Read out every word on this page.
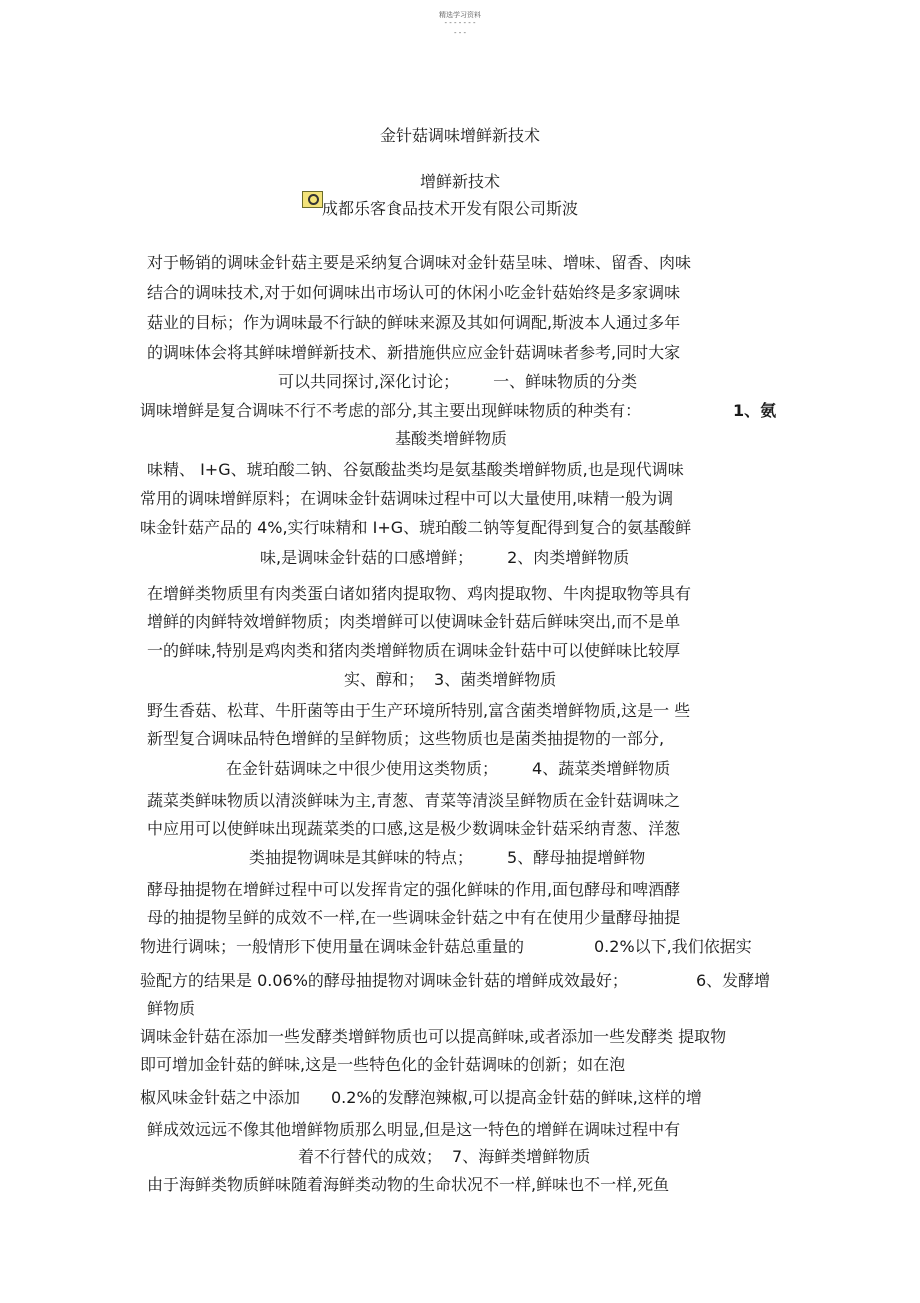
精选学习资料
- - - - - - -
- - -
金针菇调味增鲜新技术
增鲜新技术
成都乐客食品技术开发有限公司斯波
对于畅销的调味金针菇主要是采纳复合调味对金针菇呈味、增味、留香、肉味
结合的调味技术,对于如何调味出市场认可的休闲小吃金针菇始终是多家调味
菇业的目标；作为调味最不行缺的鲜味来源及其如何调配,斯波本人通过多年
的调味体会将其鲜味增鲜新技术、新措施供应应金针菇调味者参考,同时大家
可以共同探讨,深化讨论； 一、鲜味物质的分类
调味增鲜是复合调味不行不考虑的部分,其主要出现鲜味物质的种类有：	1、氨
基酸类增鲜物质
味精、 I+G、琥珀酸二钠、谷氨酸盐类均是氨基酸类增鲜物质,也是现代调味
常用的调味增鲜原料；在调味金针菇调味过程中可以大量使用,味精一般为调
味金针菇产品的 4%,实行味精和 I+G、琥珀酸二钠等复配得到复合的氨基酸鲜
味,是调味金针菇的口感增鲜； 2、肉类增鲜物质
在增鲜类物质里有肉类蛋白诸如猪肉提取物、鸡肉提取物、牛肉提取物等具有
增鲜的肉鲜特效增鲜物质；肉类增鲜可以使调味金针菇后鲜味突出,而不是单
一的鲜味,特别是鸡肉类和猪肉类增鲜物质在调味金针菇中可以使鲜味比较厚
实、醇和； 3、菌类增鲜物质
野生香菇、松茸、牛肝菌等由于生产环境所特别,富含菌类增鲜物质,这是一 些
新型复合调味品特色增鲜的呈鲜物质；这些物质也是菌类抽提物的一部分,
在金针菇调味之中很少使用这类物质； 4、蔬菜类增鲜物质
蔬菜类鲜味物质以清淡鲜味为主,青葱、青菜等清淡呈鲜物质在金针菇调味之
中应用可以使鲜味出现蔬菜类的口感,这是极少数调味金针菇采纳青葱、洋葱
类抽提物调味是其鲜味的特点； 5、酵母抽提增鲜物
酵母抽提物在增鲜过程中可以发挥肯定的强化鲜味的作用,面包酵母和啤酒酵
母的抽提物呈鲜的成效不一样,在一些调味金针菇之中有在使用少量酵母抽提
物进行调味；一般情形下使用量在调味金针菇总重量的	0.2%以下,我们依据实
验配方的结果是 0.06%的酵母抽提物对调味金针菇的增鲜成效最好；	6、发酵增
鲜物质
调味金针菇在添加一些发酵类增鲜物质也可以提高鲜味,或者添加一些发酵类 提取物
即可增加金针菇的鲜味,这是一些特色化的金针菇调味的创新；如在泡
椒风味金针菇之中添加 0.2%的发酵泡辣椒,可以提高金针菇的鲜味,这样的增
鲜成效远远不像其他增鲜物质那么明显,但是这一特色的增鲜在调味过程中有
着不行替代的成效； 7、海鲜类增鲜物质
由于海鲜类物质鲜味随着海鲜类动物的生命状况不一样,鲜味也不一样,死鱼
